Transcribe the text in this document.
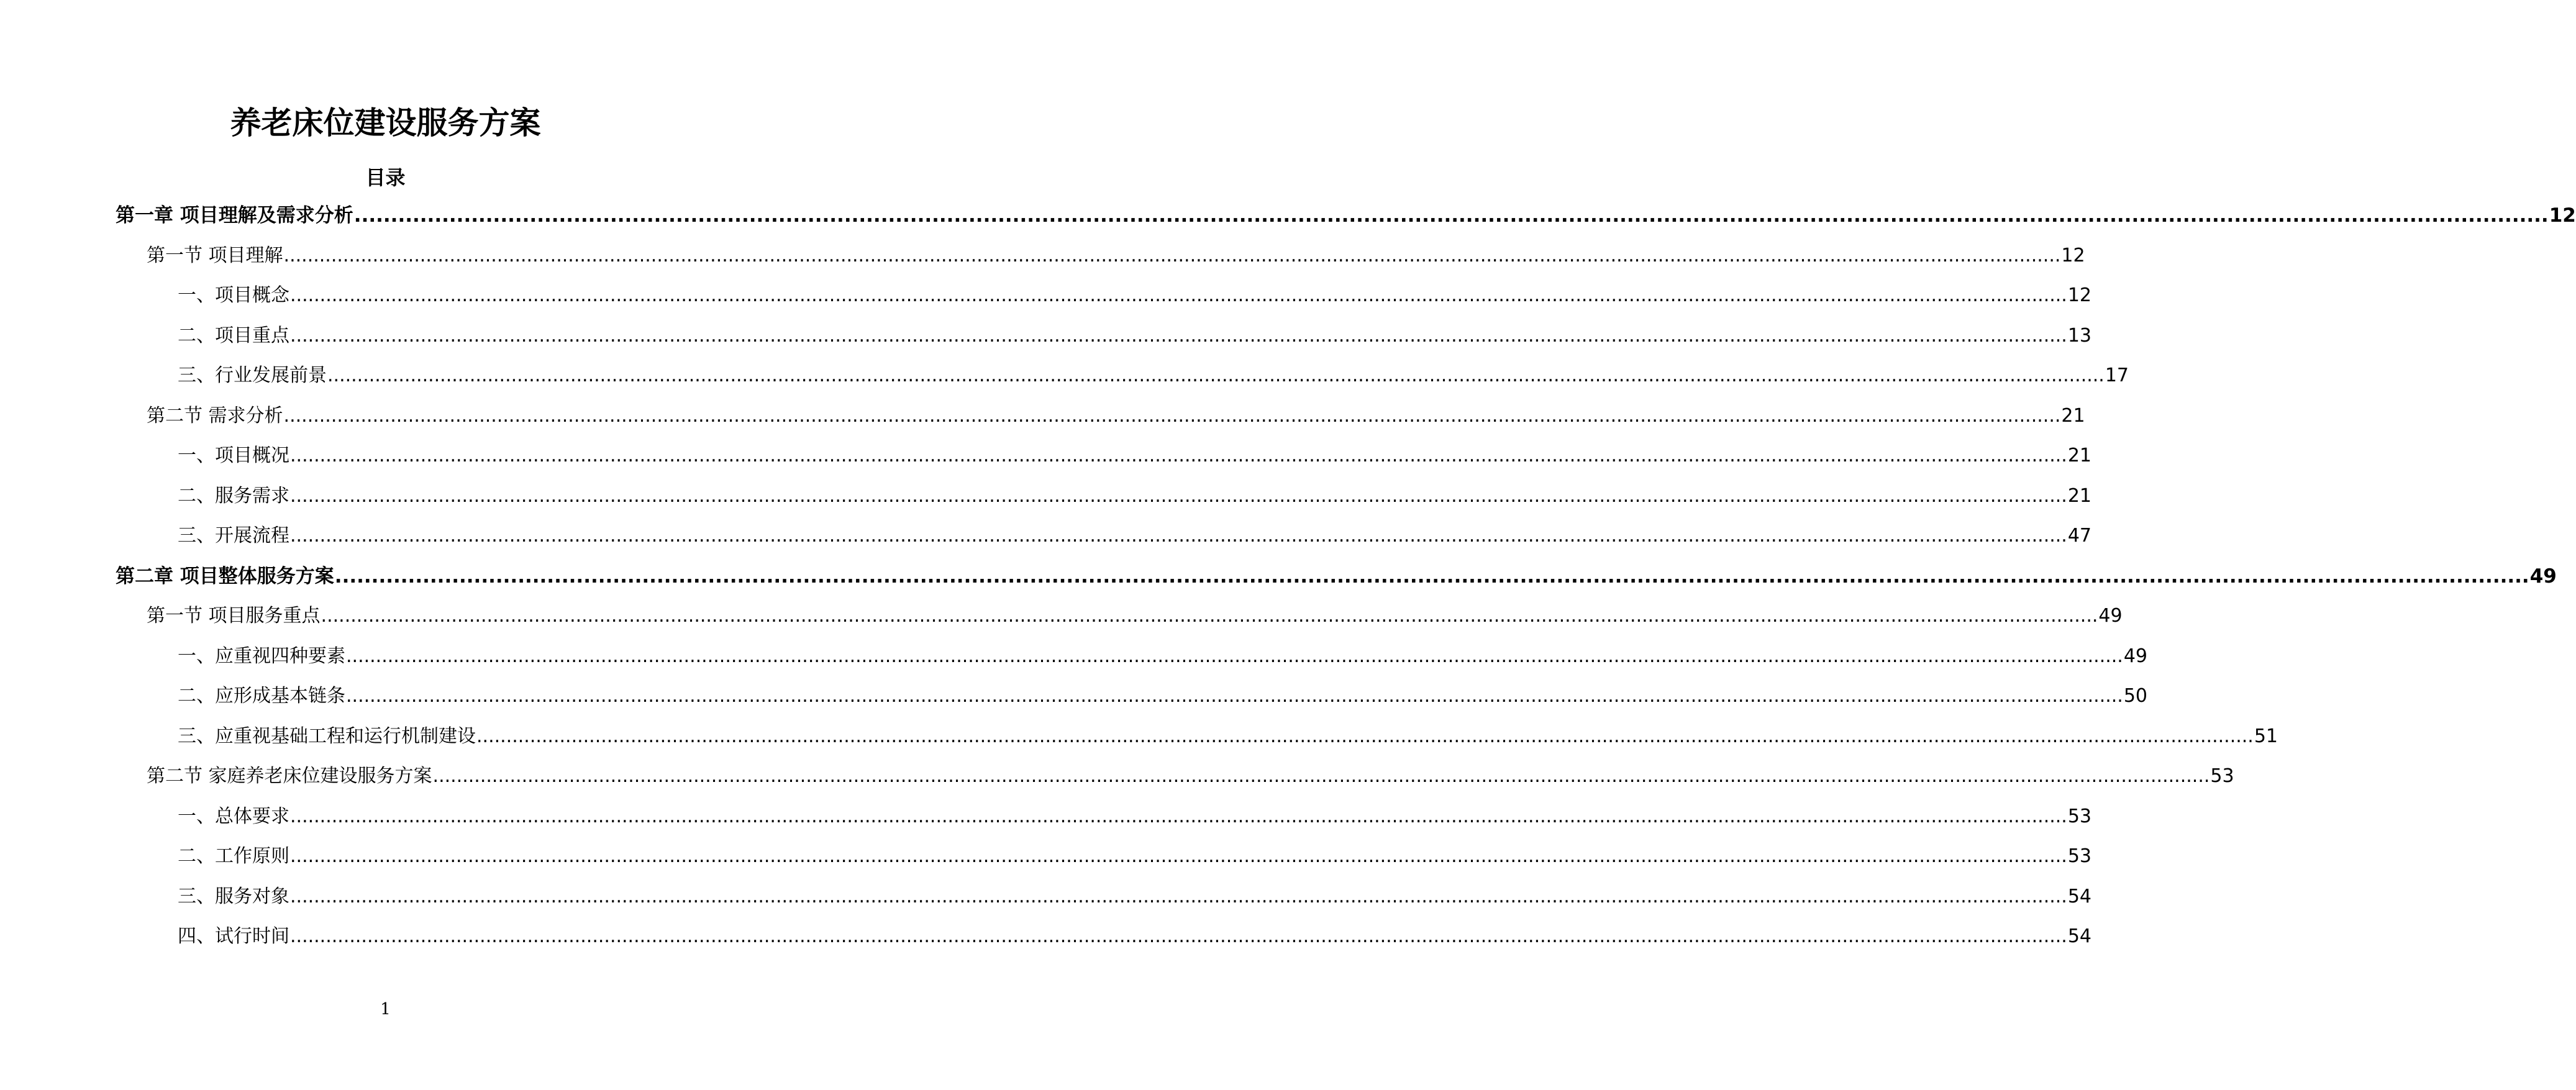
养老床位建设服务方案
目录
第一章 项目理解及需求分析 ............................................................................................................................................................................................................................................................................................................ 12
第一节 项目理解 ............................................................................................................................................................................................................................................................................................................ 12
一、项目概念 ............................................................................................................................................................................................................................................................................................................ 12
二、项目重点 ............................................................................................................................................................................................................................................................................................................ 13
三、行业发展前景 ............................................................................................................................................................................................................................................................................................................ 17
第二节 需求分析 ............................................................................................................................................................................................................................................................................................................ 21
一、项目概况 ............................................................................................................................................................................................................................................................................................................ 21
二、服务需求 ............................................................................................................................................................................................................................................................................................................ 21
三、开展流程 ............................................................................................................................................................................................................................................................................................................ 47
第二章 项目整体服务方案 ............................................................................................................................................................................................................................................................................................................ 49
第一节 项目服务重点 ............................................................................................................................................................................................................................................................................................................ 49
一、应重视四种要素 ............................................................................................................................................................................................................................................................................................................ 49
二、应形成基本链条 ............................................................................................................................................................................................................................................................................................................ 50
三、应重视基础工程和运行机制建设 ............................................................................................................................................................................................................................................................................................................ 51
第二节 家庭养老床位建设服务方案 ............................................................................................................................................................................................................................................................................................................ 53
一、总体要求 ............................................................................................................................................................................................................................................................................................................ 53
二、工作原则 ............................................................................................................................................................................................................................................................................................................ 53
三、服务对象 ............................................................................................................................................................................................................................................................................................................ 54
四、试行时间 ............................................................................................................................................................................................................................................................................................................ 54
1
